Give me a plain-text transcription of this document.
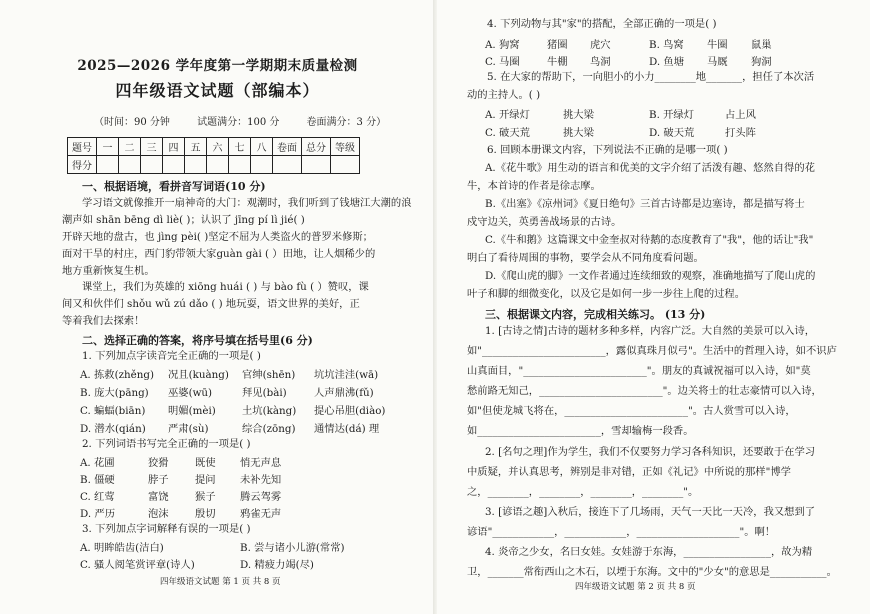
2025—2026 学年度第一学期期末质量检测
四年级语文试题（部编本）
（时间：90 分钟	试题满分：100 分	卷面满分：3 分）
题号	一	二	三	四	五	六	七	八	卷面	总分	等级
得分											
一、根据语境，看拼音写词语(10 分)
学习语文就像推开一扇神奇的大门：观潮时，我们听到了钱塘江大潮的浪
潮声如 shān bēng dì liè( )；认识了 jīng pí lì jié( )
开辟天地的盘古，也 jìng pèi( )坚定不屈为人类盗火的普罗米修斯；
面对干旱的村庄，西门豹带领大家guàn gài ( ）田地，让人烟稀少的
地方重新恢复生机。
课堂上，我们为英雄的 xiōng huái ( ) 与 bào fù ( ）赞叹，课
间又和伙伴们 shǒu wǔ zú dǎo ( ) 地玩耍，语文世界的美好，正
等着我们去探索！
二、选择正确的答案，将序号填在括号里(6 分)
1. 下列加点字读音完全正确的一项是( )
A. 拣救(zhěng) 况且(kuàng) 官绅(shēn) 坑坑洼洼(wā)
B. 庞大(pāng) 巫婆(wū)	拜见(bài)	人声鼎沸(fǔ)
C. 蝙蝠(biān) 明媚(mèi)	土坑(kàng) 提心吊胆(diào)
D. 潜水(qián) 严肃(sù)	综合(zōng) 通情达(dá) 理
2. 下列词语书写完全正确的一项是( )
A. 花圃	狡猾	既使 悄无声息
B. 僵硬	脖子	提问 未补先知
C. 红莺	富饶	猴子 腾云驾雾
D. 严历	泡沫	殷切 鸦雀无声
3. 下列加点字词解释有误的一项是( )
A. 明眸皓齿(洁白)	B. 尝与诸小儿游(常常)
C. 骚人阅笔赏评章(诗人)	D. 精疲力竭(尽)
四年级语文试题 第 1 页 共 8 页
4. 下列动物与其"家"的搭配，全部正确的一项是( )
A. 狗窝	猪圈 虎穴	B. 鸟窝 牛圈 鼠巢
C. 马圈	牛棚 鸟洞	D. 鱼塘 马厩 狗洞
5. 在大家的帮助下，一向胆小的小力________地_______，担任了本次活
动的主持人。( )
A. 开绿灯	挑大梁	B. 开绿灯	占上风
C. 破天荒	挑大梁	D. 破天荒	打头阵
6. 回顾本册课文内容，下列说法不正确的是哪一项( )
A.《花牛歌》用生动的语言和优美的文字介绍了活泼有趣、悠然自得的花
牛，本首诗的作者是徐志摩。
B.《出塞》《凉州词》《夏日绝句》三首古诗都是边塞诗，都是描写将士
戍守边关，英勇善战场景的古诗。
C.《牛和鹅》这篇课文中金奎叔对待鹅的态度教育了"我"，他的话让"我"
明白了看待周围的事物，要学会从不同角度看问题。
D.《爬山虎的脚》一文作者通过连续细致的观察，准确地描写了爬山虎的
叶子和脚的细微变化，以及它是如何一步一步往上爬的过程。
三、根据课文内容，完成相关练习。 (13 分)
1. [古诗之情]古诗的题材多种多样，内容广泛。大自然的美景可以入诗，
如"________________________，露似真珠月似弓"。生活中的哲理入诗，如不识庐
山真面目，"________________________"。朋友的真诚祝福可以入诗，如"莫
愁前路无知己，________________________"。边关将士的壮志豪情可以入诗，
如"但使龙城飞将在，________________________"。古人赏雪可以入诗，
如________________________，雪却输梅一段香。
2. [名句之理]作为学生，我们不仅要努力学习各科知识，还要敢于在学习
中质疑，并认真思考，辨别是非对错，正如《礼记》中所说的那样"博学
之，________，________，________，________"。
3. [谚语之趣]入秋后，接连下了几场雨，天气一天比一天冷，我又想到了
谚语"____________，____________，____________________"。啊！
4. 炎帝之少女，名曰女娃。女娃游于东海，_________________，故为精
卫，_______常衔西山之木石，以堙于东海。文中的"少女"的意思是___________。
四年级语文试题 第 2 页 共 8 页
